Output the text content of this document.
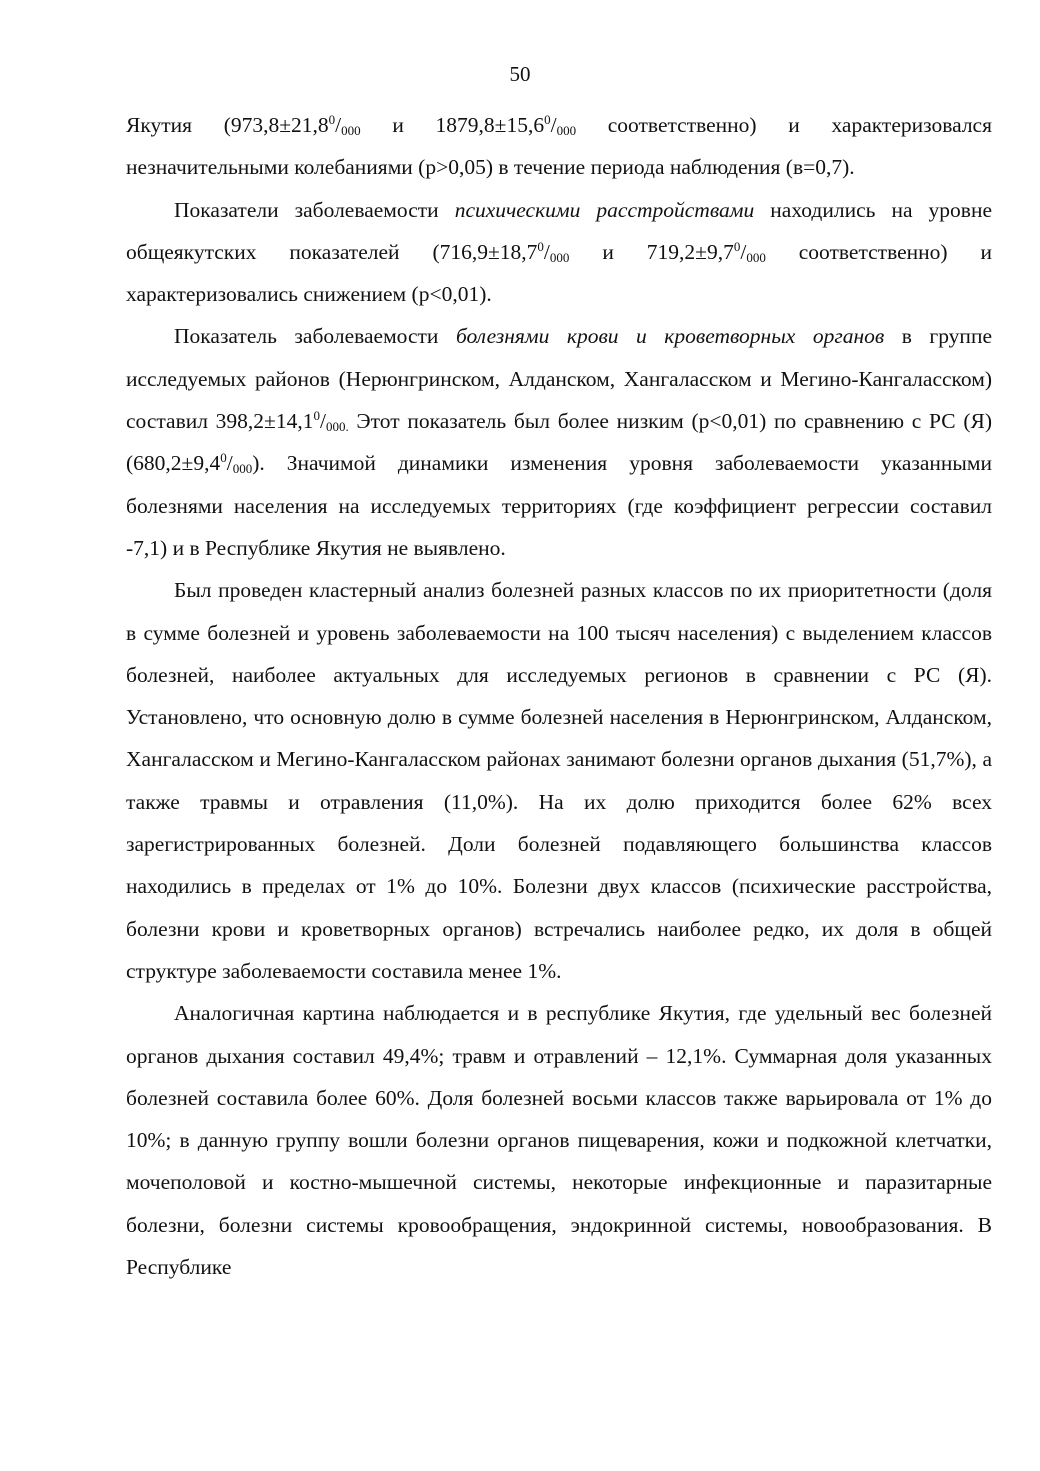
50

Якутия ($973,8\pm 21,8^0/_{000}$ и $1879,8\pm 15,6^0/_{000}$ соответственно) и характеризовался незначительными колебаниями (р>0,05) в течение периода наблюдения (в=0,7).

Показатели заболеваемости психическими расстройствами находились на уровне общеякутских показателей ($716,9\pm 18,7^0/_{000}$ и $719,2\pm 9,7^0/_{000}$ соответственно) и характеризовались снижением (р<0,01).

Показатель заболеваемости болезнями крови и кроветворных органов в группе исследуемых районов (Нерюнгринском, Алданском, Хангаласском и Мегино-Кангаласском) составил $398,2\pm 14,1^0/_{000.}$ Этот показатель был более низким (р<0,01) по сравнению с РС (Я) $(680,2\pm 9,4^0/_{000})$. Значимой динамики изменения уровня заболеваемости указанными болезнями населения на исследуемых территориях (где коэффициент регрессии составил -7,1) и в Республике Якутия не выявлено.

Был проведен кластерный анализ болезней разных классов по их приоритетности (доля в сумме болезней и уровень заболеваемости на 100 тысяч населения) с выделением классов болезней, наиболее актуальных для исследуемых регионов в сравнении с РС (Я). Установлено, что основную долю в сумме болезней населения в Нерюнгринском, Алданском, Хангаласском и Мегино-Кангаласском районах занимают болезни органов дыхания (51,7%), а также травмы и отравления (11,0%). На их долю приходится более 62% всех зарегистрированных болезней. Доли болезней подавляющего большинства классов находились в пределах от 1% до 10%. Болезни двух классов (психические расстройства, болезни крови и кроветворных органов) встречались наиболее редко, их доля в общей структуре заболеваемости составила менее 1%.

Аналогичная картина наблюдается и в республике Якутия, где удельный вес болезней органов дыхания составил 49,4%; травм и отравлений – 12,1%. Суммарная доля указанных болезней составила более 60%. Доля болезней восьми классов также варьировала от 1% до 10%; в данную группу вошли болезни органов пищеварения, кожи и подкожной клетчатки, мочеполовой и костно-мышечной системы, некоторые инфекционные и паразитарные болезни, болезни системы кровообращения, эндокринной системы, новообразования. В Республике
